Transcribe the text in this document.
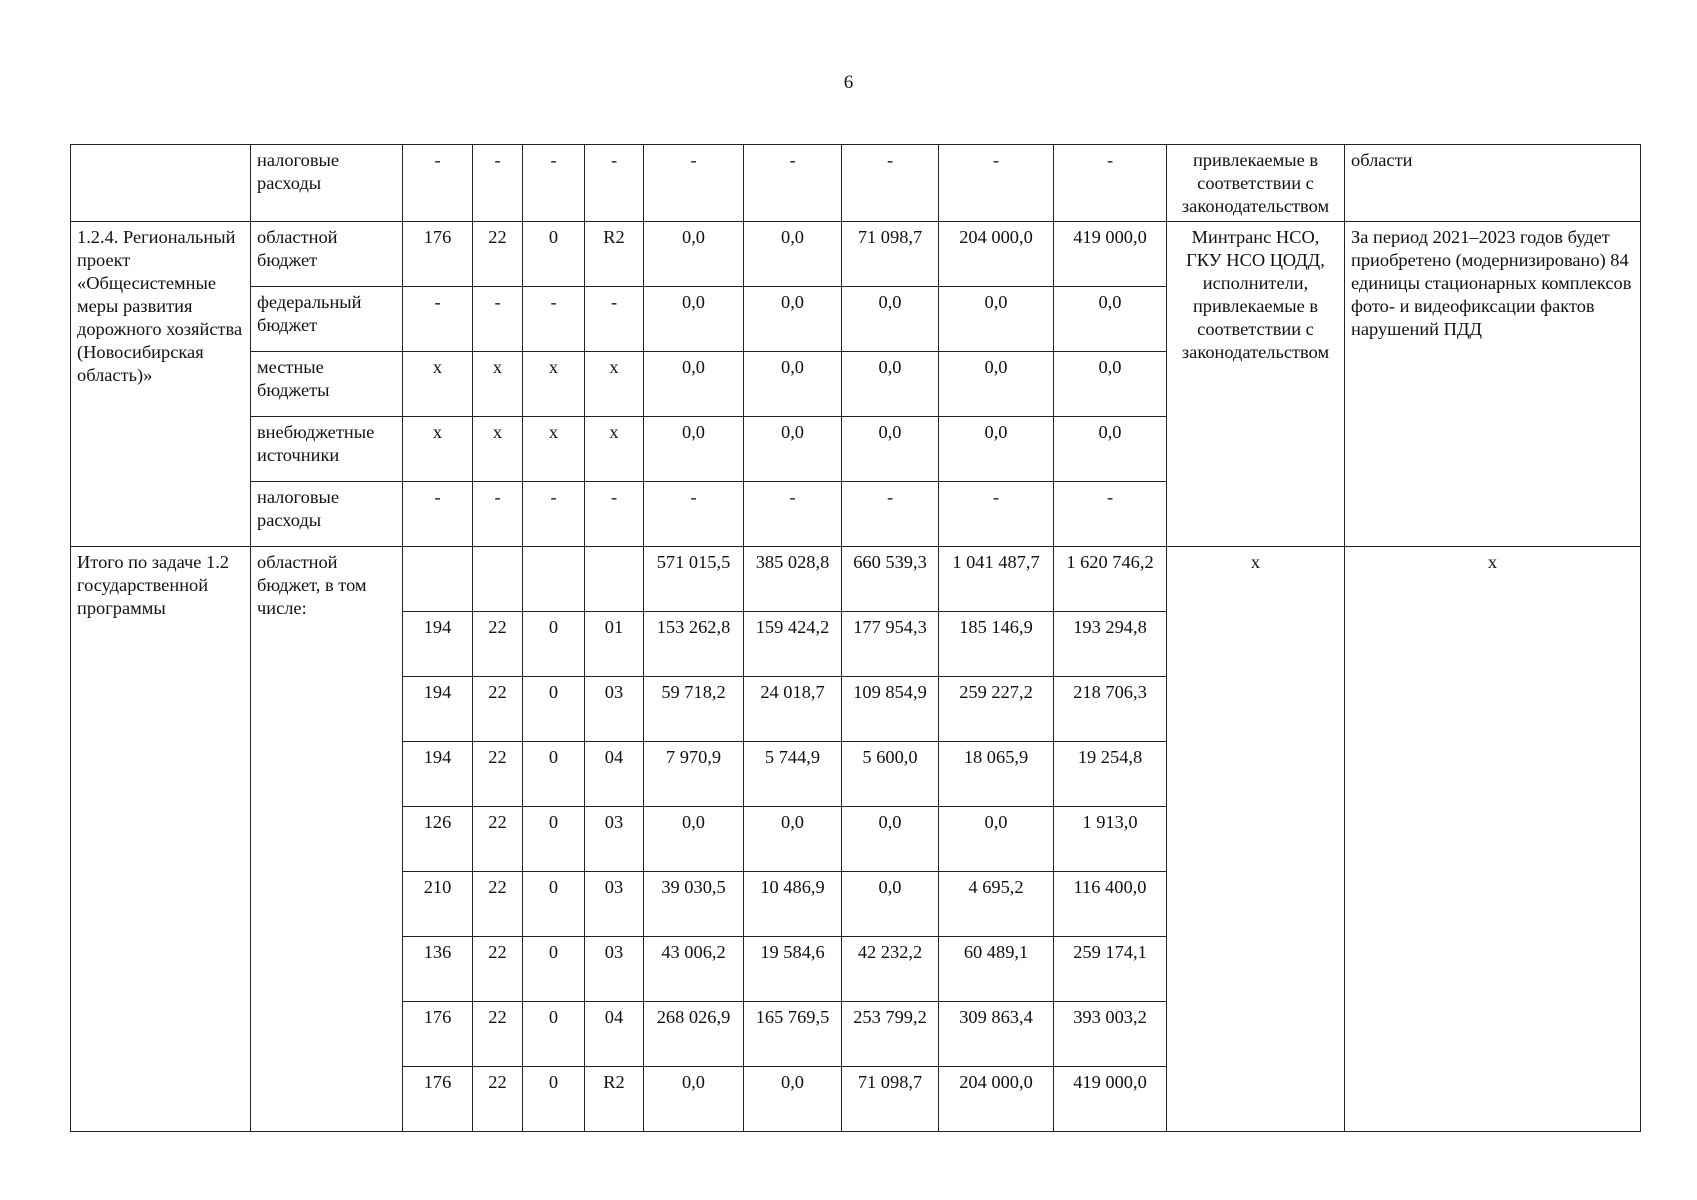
6
	налоговые расходы	-	-	-	-	-	-	-	-	-	привлекаемые в соответствии с законодательством	области
1.2.4. Региональный проект «Общесистемные меры развития дорожного хозяйства (Новосибирская область)»	областной бюджет	176	22	0	R2	0,0	0,0	71 098,7	204 000,0	419 000,0	Минтранс НСО, ГКУ НСО ЦОДД, исполнители, привлекаемые в соответствии с законодательством	За период 2021–2023 годов будет приобретено (модернизировано) 84 единицы стационарных комплексов фото- и видеофиксации фактов нарушений ПДД
	федеральный бюджет	-	-	-	-	0,0	0,0	0,0	0,0	0,0		
	местные бюджеты	x	x	x	x	0,0	0,0	0,0	0,0	0,0		
	внебюджетные источники	x	x	x	x	0,0	0,0	0,0	0,0	0,0		
	налоговые расходы	-	-	-	-	-	-	-	-	-		
Итого по задаче 1.2 государственной программы	областной бюджет, в том числе:					571 015,5	385 028,8	660 539,3	1 041 487,7	1 620 746,2	x	x
		194	22	0	01	153 262,8	159 424,2	177 954,3	185 146,9	193 294,8		
		194	22	0	03	59 718,2	24 018,7	109 854,9	259 227,2	218 706,3		
		194	22	0	04	7 970,9	5 744,9	5 600,0	18 065,9	19 254,8		
		126	22	0	03	0,0	0,0	0,0	0,0	1 913,0		
		210	22	0	03	39 030,5	10 486,9	0,0	4 695,2	116 400,0		
		136	22	0	03	43 006,2	19 584,6	42 232,2	60 489,1	259 174,1		
		176	22	0	04	268 026,9	165 769,5	253 799,2	309 863,4	393 003,2		
		176	22	0	R2	0,0	0,0	71 098,7	204 000,0	419 000,0		
